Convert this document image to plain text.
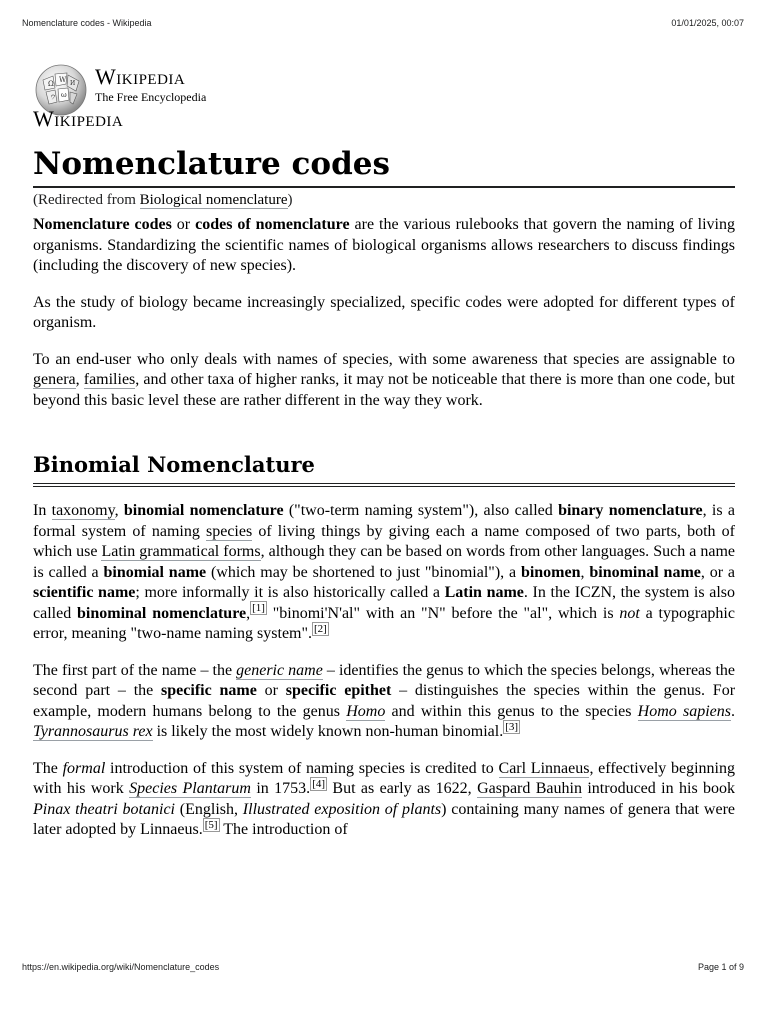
Nomenclature codes - Wikipedia	01/01/2025, 00:07
Ω W И
ウ ω
Wikipedia
The Free Encyclopedia
Wikipedia
Nomenclature codes
(Redirected from Biological nomenclature)

Nomenclature codes or codes of nomenclature are the various rulebooks that govern the naming of living organisms. Standardizing the scientific names of biological organisms allows researchers to discuss findings (including the discovery of new species).

As the study of biology became increasingly specialized, specific codes were adopted for different types of organism.

To an end-user who only deals with names of species, with some awareness that species are assignable to genera, families, and other taxa of higher ranks, it may not be noticeable that there is more than one code, but beyond this basic level these are rather different in the way they work.

Binomial Nomenclature

In taxonomy, binomial nomenclature ("two-term naming system"), also called binary nomenclature, is a formal system of naming species of living things by giving each a name composed of two parts, both of which use Latin grammatical forms, although they can be based on words from other languages. Such a name is called a binomial name (which may be shortened to just "binomial"), a binomen, binominal name, or a scientific name; more informally it is also historically called a Latin name. In the ICZN, the system is also called binominal nomenclature, [1] "binomi'N'al" with an "N" before the "al", which is not a typographic error, meaning "two-name naming system". [2]

The first part of the name – the generic name – identifies the genus to which the species belongs, whereas the second part – the specific name or specific epithet – distinguishes the species within the genus. For example, modern humans belong to the genus Homo and within this genus to the species Homo sapiens. Tyrannosaurus rex is likely the most widely known non-human binomial. [3]

The formal introduction of this system of naming species is credited to Carl Linnaeus, effectively beginning with his work Species Plantarum in 1753. [4] But as early as 1622, Gaspard Bauhin introduced in his book Pinax theatri botanici (English, Illustrated exposition of plants) containing many names of genera that were later adopted by Linnaeus. [5] The introduction of

https://en.wikipedia.org/wiki/Nomenclature_codes	Page 1 of 9
